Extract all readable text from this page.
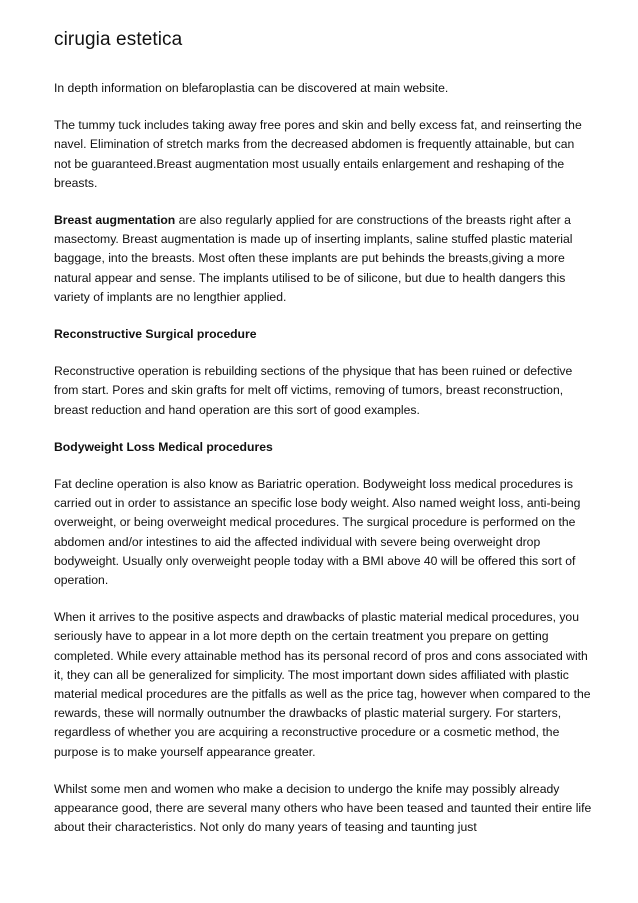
cirugia estetica

In depth information on blefaroplastia can be discovered at main website.

The tummy tuck includes taking away free pores and skin and belly excess fat, and reinserting the navel. Elimination of stretch marks from the decreased abdomen is frequently attainable, but can not be guaranteed.Breast augmentation most usually entails enlargement and reshaping of the breasts.

Breast augmentation are also regularly applied for are constructions of the breasts right after a masectomy. Breast augmentation is made up of inserting implants, saline stuffed plastic material baggage, into the breasts. Most often these implants are put behinds the breasts,giving a more natural appear and sense. The implants utilised to be of silicone, but due to health dangers this variety of implants are no lengthier applied.

Reconstructive Surgical procedure

Reconstructive operation is rebuilding sections of the physique that has been ruined or defective from start. Pores and skin grafts for melt off victims, removing of tumors, breast reconstruction, breast reduction and hand operation are this sort of good examples.

Bodyweight Loss Medical procedures

Fat decline operation is also know as Bariatric operation. Bodyweight loss medical procedures is carried out in order to assistance an specific lose body weight. Also named weight loss, anti-being overweight, or being overweight medical procedures. The surgical procedure is performed on the abdomen and/or intestines to aid the affected individual with severe being overweight drop bodyweight. Usually only overweight people today with a BMI above 40 will be offered this sort of operation.

When it arrives to the positive aspects and drawbacks of plastic material medical procedures, you seriously have to appear in a lot more depth on the certain treatment you prepare on getting completed. While every attainable method has its personal record of pros and cons associated with it, they can all be generalized for simplicity. The most important down sides affiliated with plastic material medical procedures are the pitfalls as well as the price tag, however when compared to the rewards, these will normally outnumber the drawbacks of plastic material surgery. For starters, regardless of whether you are acquiring a reconstructive procedure or a cosmetic method, the purpose is to make yourself appearance greater.

Whilst some men and women who make a decision to undergo the knife may possibly already appearance good, there are several many others who have been teased and taunted their entire life about their characteristics. Not only do many years of teasing and taunting just
